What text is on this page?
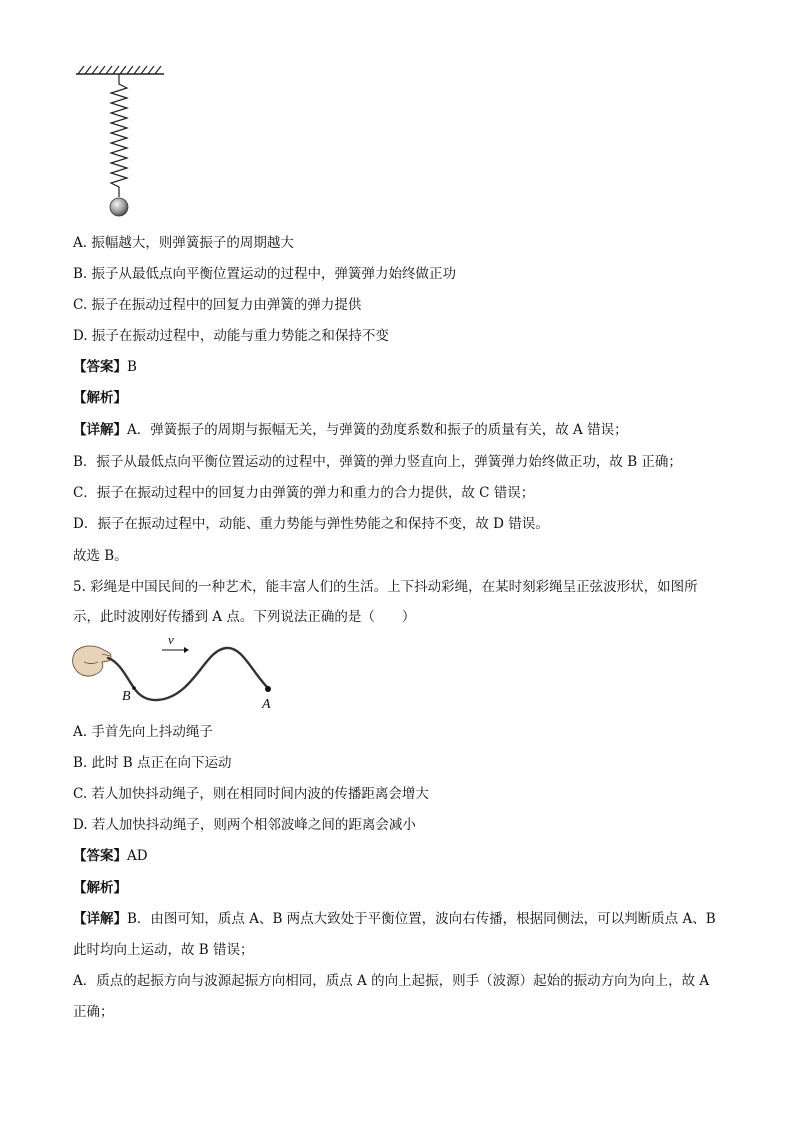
A. 振幅越大，则弹簧振子的周期越大
B. 振子从最低点向平衡位置运动的过程中，弹簧弹力始终做正功
C. 振子在振动过程中的回复力由弹簧的弹力提供
D. 振子在振动过程中，动能与重力势能之和保持不变
【答案】B
【解析】
【详解】A．弹簧振子的周期与振幅无关，与弹簧的劲度系数和振子的质量有关，故 A 错误；
B．振子从最低点向平衡位置运动的过程中，弹簧的弹力竖直向上，弹簧弹力始终做正功，故 B 正确；
C．振子在振动过程中的回复力由弹簧的弹力和重力的合力提供，故 C 错误；
D．振子在振动过程中，动能、重力势能与弹性势能之和保持不变，故 D 错误。
故选 B。
5. 彩绳是中国民间的一种艺术，能丰富人们的生活。上下抖动彩绳，在某时刻彩绳呈正弦波形状，如图所
示，此时波刚好传播到 A 点。下列说法正确的是（　　）
v
B
A
A. 手首先向上抖动绳子
B. 此时 B 点正在向下运动
C. 若人加快抖动绳子，则在相同时间内波的传播距离会增大
D. 若人加快抖动绳子，则两个相邻波峰之间的距离会减小
【答案】AD
【解析】
【详解】B．由图可知，质点 A、B 两点大致处于平衡位置，波向右传播，根据同侧法，可以判断质点 A、B
此时均向上运动，故 B 错误；
A．质点的起振方向与波源起振方向相同，质点 A 的向上起振，则手（波源）起始的振动方向为向上，故 A
正确；
